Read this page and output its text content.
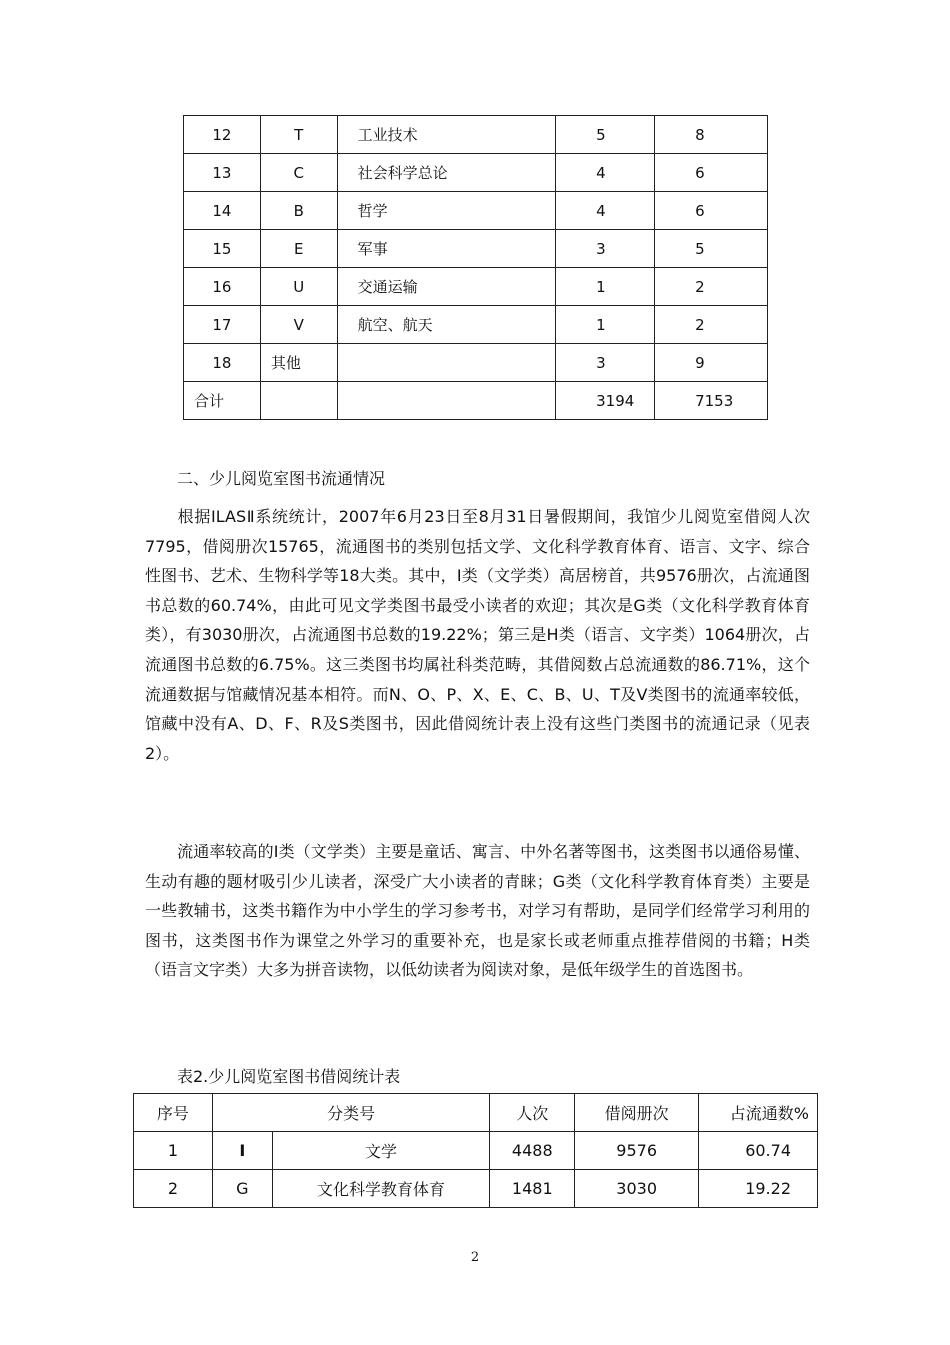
12	T	工业技术	5	8
13	C	社会科学总论	4	6
14	B	哲学	4	6
15	E	军事	3	5
16	U	交通运输	1	2
17	V	航空、航天	1	2
18	其他		3	9
合计			3194	7153
二、少儿阅览室图书流通情况
根据ILASⅡ系统统计，2007年6月23日至8月31日暑假期间，我馆少儿阅览室借阅人次7795，借阅册次15765，流通图书的类别包括文学、文化科学教育体育、语言、文字、综合性图书、艺术、生物科学等18大类。其中，I类（文学类）高居榜首，共9576册次，占流通图书总数的60.74%，由此可见文学类图书最受小读者的欢迎；其次是G类（文化科学教育体育类），有3030册次，占流通图书总数的19.22%；第三是H类（语言、文字类）1064册次，占流通图书总数的6.75%。这三类图书均属社科类范畴，其借阅数占总流通数的86.71%，这个流通数据与馆藏情况基本相符。而N、O、P、X、E、C、B、U、T及V类图书的流通率较低，馆藏中没有A、D、F、R及S类图书，因此借阅统计表上没有这些门类图书的流通记录（见表2）。
流通率较高的I类（文学类）主要是童话、寓言、中外名著等图书，这类图书以通俗易懂、生动有趣的题材吸引少儿读者，深受广大小读者的青睐；G类（文化科学教育体育类）主要是一些教辅书，这类书籍作为中小学生的学习参考书，对学习有帮助，是同学们经常学习利用的图书，这类图书作为课堂之外学习的重要补充，也是家长或老师重点推荐借阅的书籍；H类（语言文字类）大多为拼音读物，以低幼读者为阅读对象，是低年级学生的首选图书。
表2.少儿阅览室图书借阅统计表
序号	分类号		人次	借阅册次	占流通数%
1	I	文学	4488	9576	60.74
2	G	文化科学教育体育	1481	3030	19.22
2
